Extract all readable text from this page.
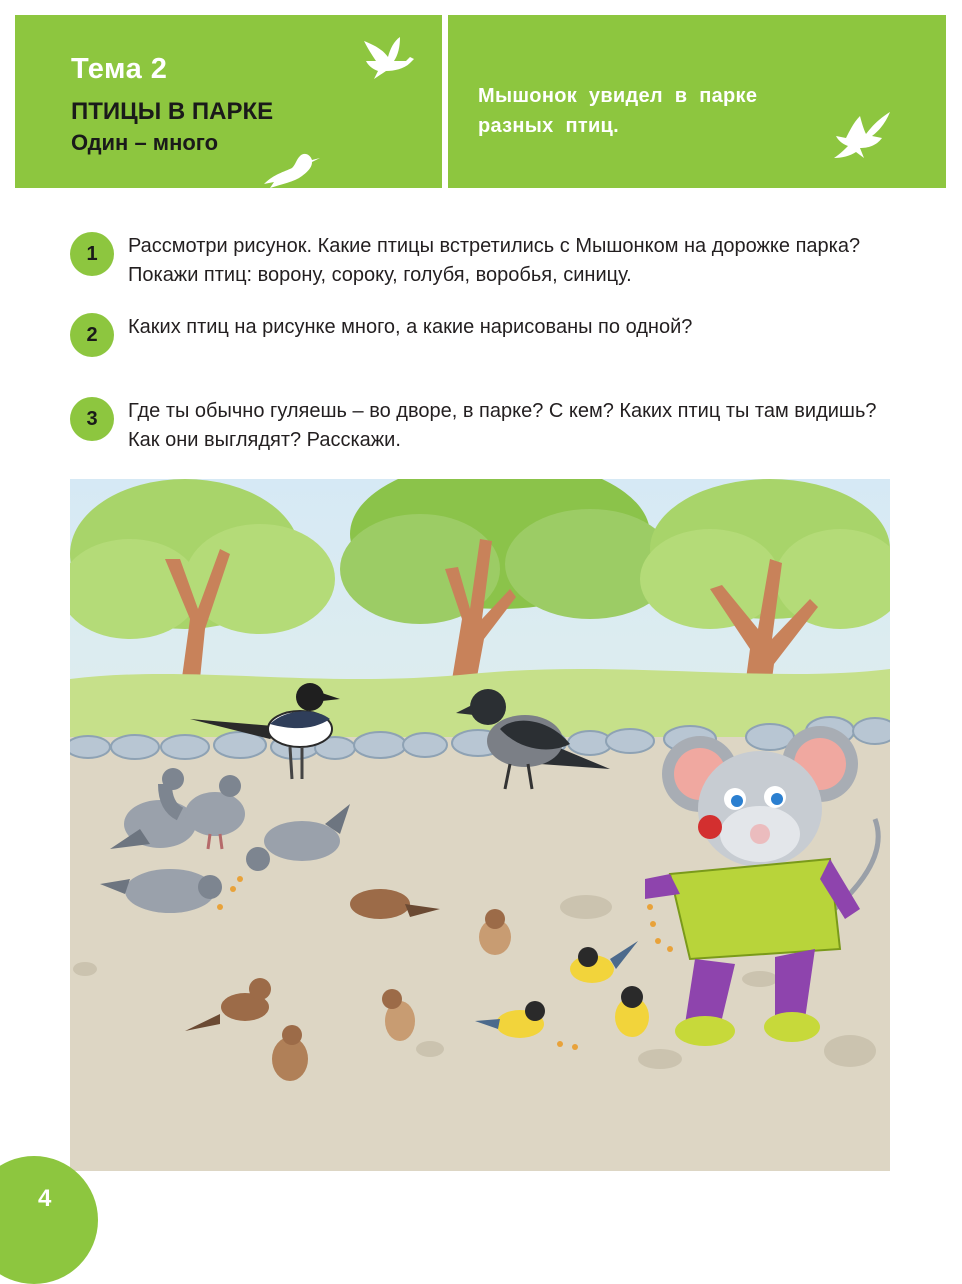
Тема 2
ПТИЦЫ В ПАРКЕ
Один – много

Мышонок увидел в парке разных птиц.

1	Рассмотри рисунок. Какие птицы встретились с Мышонком на дорожке парка? Покажи птиц: ворону, сороку, голубя, воробья, синицу.

2	Каких птиц на рисунке много, а какие нарисованы по одной?

3	Где ты обычно гуляешь – во дворе, в парке? С кем? Каких птиц ты там видишь? Как они выглядят? Расскажи.

4
